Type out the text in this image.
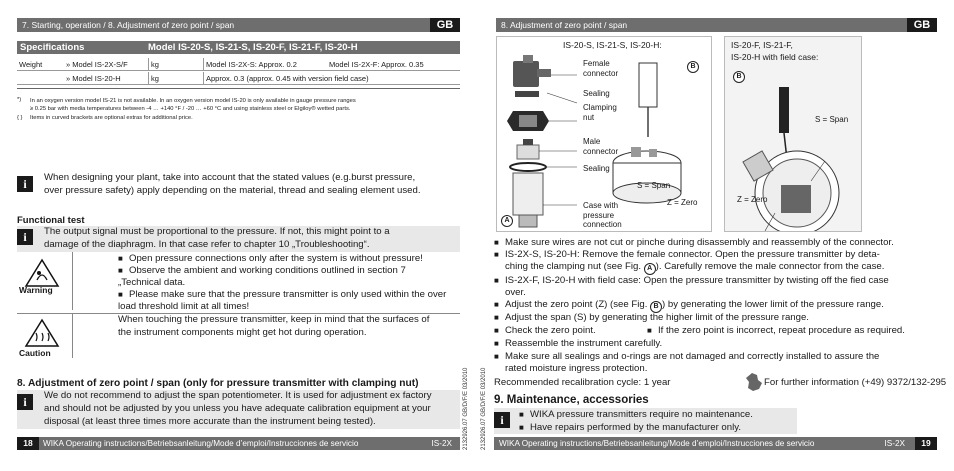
7. Starting, operation / 8. Adjustment of zero point / span	GB
Specifications	Model IS-20-S, IS-21-S, IS-20-F, IS-21-F, IS-20-H
Weight	» Model IS-2X-S/F	kg	Model IS-2X-S: Approx. 0.2	Model IS-2X-F: Approx. 0.35
» Model IS-20-H	kg	Approx. 0.3 (approx. 0.45 with version field case)
*) In an oxygen version model IS-21 is not available. In an oxygen version model IS-20 is only available in gauge pressure ranges
≥ 0.25 bar with media temperatures between -4 … +140 °F / -20 … +60 °C and using stainless steel or Elgiloy® wetted parts.
{ } Items in curved brackets are optional extras for additional price.
i	When designing your plant, take into account that the stated values (e.g.burst pressure,
over pressure safety) apply depending on the material, thread and sealing element used.
Functional test
i	The output signal must be proportional to the pressure. If not, this might point to a
damage of the diaphragm. In that case refer to chapter 10 „Troubleshooting“.
Warning
■ Open pressure connections only after the system is without pressure!
■ Observe the ambient and working conditions outlined in section 7
„Technical data.
■ Please make sure that the pressure transmitter is only used within the over
load threshold limit at all times!
Caution
When touching the pressure transmitter, keep in mind that the surfaces of
the instrument components might get hot during operation.
8. Adjustment of zero point / span (only for pressure transmitter with clamping nut)
i	We do not recommend to adjust the span potentiometer. It is used for adjustment ex factory
and should not be adjusted by you unless you have adequate calibration equipment at your
disposal (at least three times more accurate than the instrument being tested).
18	WIKA Operating instructions/Betriebsanleitung/Mode d’emploi/Instrucciones de servicio	IS-2X 2132926.07 GB/D/F/E 03/2010
8. Adjustment of zero point / span	GB
IS-20-S, IS-21-S, IS-20-H:
Female
connector
Sealing
Clamping
nut
Male
connector
Sealing
Case with
pressure
connection
S = Span
Z = Zero
B
A
IS-20-F, IS-21-F,
IS-20-H with field case:
B
S = Span
Z = Zero
■ Make sure wires are not cut or pinche during disassembly and reassembly of the connector.
■ IS-2X-S, IS-20-H: Remove the female connector. Open the pressure transmitter by deta-
ching the clamping nut (see Fig. A ). Carefully remove the male connector from the case.
■ IS-2X-F, IS-20-H with field case: Open the pressure transmitter by twisting off the fied case
over.
■ Adjust the zero point (Z) (see Fig. B ) by generating the lower limit of the pressure range.
■ Adjust the span (S) by generating the higher limit of the pressure range.
■ Check the zero point.	■ If the zero point is incorrect, repeat procedure as required.
■ Reassemble the instrument carefully.
■ Make sure all sealings and o-rings are not damaged and correctly installed to assure the
rated moisture ingress protection.
Recommended recalibration cycle: 1 year	For further information (+49) 9372/132-295
9. Maintenance, accessories
i	■ WIKA pressure transmitters require no maintenance.
■ Have repairs performed by the manufacturer only.
2132926.07 GB/D/F/E 03/2010 WIKA Operating instructions/Betriebsanleitung/Mode d’emploi/Instrucciones de servicio	IS-2X	19
